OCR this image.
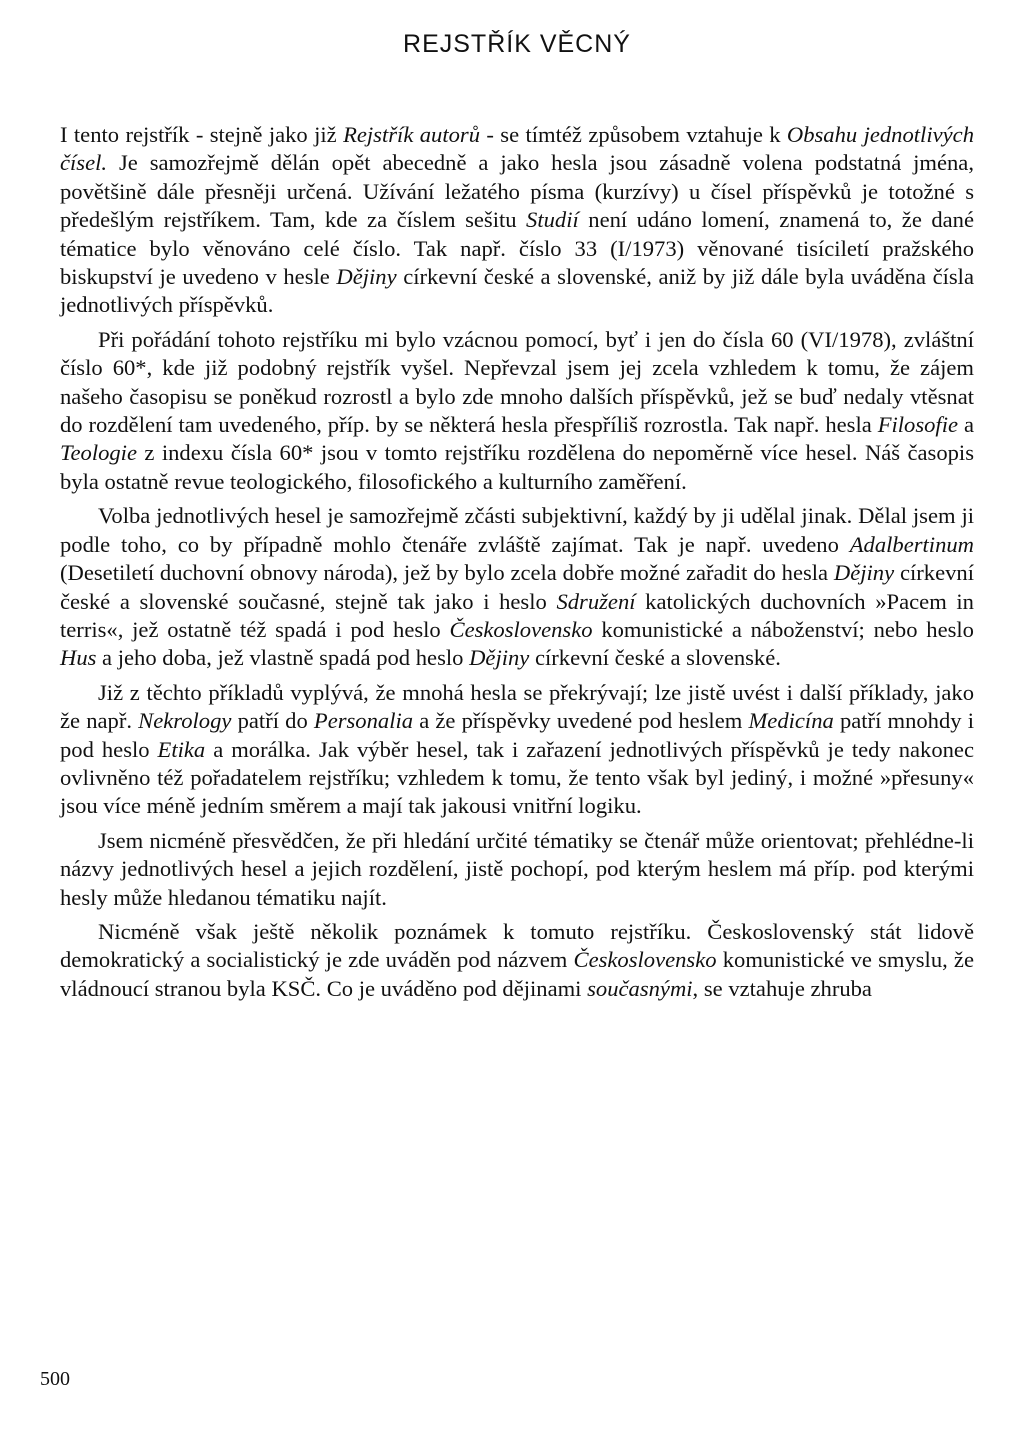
REJSTŘÍK VĚCNÝ

I tento rejstřík - stejně jako již Rejstřík autorů - se tímtéž způsobem vztahuje k Obsahu jednotlivých čísel. Je samozřejmě dělán opět abecedně a jako hesla jsou zásadně volena podstatná jména, povětšině dále přesněji určená. Užívání ležatého písma (kurzívy) u čísel příspěvků je totožné s předešlým rejstříkem. Tam, kde za číslem sešitu Studií není udáno lomení, znamená to, že dané tématice bylo věnováno celé číslo. Tak např. číslo 33 (I/1973) věnované tisíciletí pražského biskupství je uvedeno v hesle Dějiny církevní české a slovenské, aniž by již dále byla uváděna čísla jednotlivých příspěvků.

Při pořádání tohoto rejstříku mi bylo vzácnou pomocí, byť i jen do čísla 60 (VI/1978), zvláštní číslo 60*, kde již podobný rejstřík vyšel. Nepřevzal jsem jej zcela vzhledem k tomu, že zájem našeho časopisu se poněkud rozrostl a bylo zde mnoho dalších příspěvků, jež se buď nedaly vtěsnat do rozdělení tam uvedeného, příp. by se některá hesla přespříliš rozrostla. Tak např. hesla Filosofie a Teologie z indexu čísla 60* jsou v tomto rejstříku rozdělena do nepoměrně více hesel. Náš časopis byla ostatně revue teologického, filosofického a kulturního zaměření.

Volba jednotlivých hesel je samozřejmě zčásti subjektivní, každý by ji udělal jinak. Dělal jsem ji podle toho, co by případně mohlo čtenáře zvláště zajímat. Tak je např. uvedeno Adalbertinum (Desetiletí duchovní obnovy národa), jež by bylo zcela dobře možné zařadit do hesla Dějiny církevní české a slovenské současné, stejně tak jako i heslo Sdružení katolických duchovních »Pacem in terris«, jež ostatně též spadá i pod heslo Československo komunistické a náboženství; nebo heslo Hus a jeho doba, jež vlastně spadá pod heslo Dějiny církevní české a slovenské.

Již z těchto příkladů vyplývá, že mnohá hesla se překrývají; lze jistě uvést i další příklady, jako že např. Nekrology patří do Personalia a že příspěvky uvedené pod heslem Medicína patří mnohdy i pod heslo Etika a morálka. Jak výběr hesel, tak i zařazení jednotlivých příspěvků je tedy nakonec ovlivněno též pořadatelem rejstříku; vzhledem k tomu, že tento však byl jediný, i možné »přesuny« jsou více méně jedním směrem a mají tak jakousi vnitřní logiku.

Jsem nicméně přesvědčen, že při hledání určité tématiky se čtenář může orientovat; přehlédne-li názvy jednotlivých hesel a jejich rozdělení, jistě pochopí, pod kterým heslem má příp. pod kterými hesly může hledanou tématiku najít.

Nicméně však ještě několik poznámek k tomuto rejstříku. Československý stát lidově demokratický a socialistický je zde uváděn pod názvem Československo komunistické ve smyslu, že vládnoucí stranou byla KSČ. Co je uváděno pod dějinami současnými, se vztahuje zhruba

500
